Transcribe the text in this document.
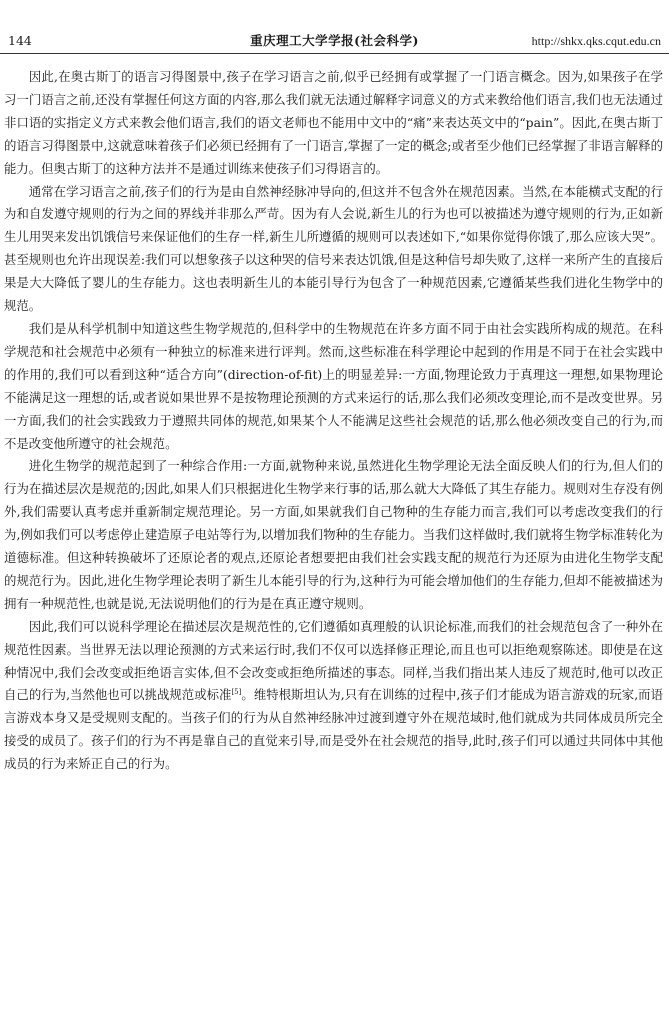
144	重庆理工大学学报(社会科学)	http://shkx.qks.cqut.edu.cn

因此,在奥古斯丁的语言习得图景中,孩子在学习语言之前,似乎已经拥有或掌握了一门语言概念。因为,如果孩子在学习一门语言之前,还没有掌握任何这方面的内容,那么我们就无法通过解释字词意义的方式来教给他们语言,我们也无法通过非口语的实指定义方式来教会他们语言,我们的语文老师也不能用中文中的“痛”来表达英文中的“pain”。因此,在奥古斯丁的语言习得图景中,这就意味着孩子们必须已经拥有了一门语言,掌握了一定的概念;或者至少他们已经掌握了非语言解释的能力。但奥古斯丁的这种方法并不是通过训练来使孩子们习得语言的。

通常在学习语言之前,孩子们的行为是由自然神经脉冲导向的,但这并不包含外在规范因素。当然,在本能横式支配的行为和自发遵守规则的行为之间的界线并非那么严苛。因为有人会说,新生儿的行为也可以被描述为遵守规则的行为,正如新生儿用哭来发出饥饿信号来保证他们的生存一样,新生儿所遵循的规则可以表述如下,“如果你觉得你饿了,那么应该大哭”。甚至规则也允许出现误差:我们可以想象孩子以这种哭的信号来表达饥饿,但是这种信号却失败了,这样一来所产生的直接后果是大大降低了婴儿的生存能力。这也表明新生儿的本能引导行为包含了一种规范因素,它遵循某些我们进化生物学中的规范。

我们是从科学机制中知道这些生物学规范的,但科学中的生物规范在许多方面不同于由社会实践所构成的规范。在科学规范和社会规范中必须有一种独立的标准来进行评判。然而,这些标准在科学理论中起到的作用是不同于在社会实践中的作用的,我们可以看到这种“适合方向”(direction-of-fit)上的明显差异:一方面,物理论致力于真理这一理想,如果物理论不能满足这一理想的话,或者说如果世界不是按物理论预测的方式来运行的话,那么我们必须改变理论,而不是改变世界。另一方面,我们的社会实践致力于遵照共同体的规范,如果某个人不能满足这些社会规范的话,那么他必须改变自己的行为,而不是改变他所遵守的社会规范。

进化生物学的规范起到了一种综合作用:一方面,就物种来说,虽然进化生物学理论无法全面反映人们的行为,但人们的行为在描述层次是规范的;因此,如果人们只根据进化生物学来行事的话,那么就大大降低了其生存能力。规则对生存没有例外,我们需要认真考虑并重新制定规范理论。另一方面,如果就我们自己物种的生存能力而言,我们可以考虑改变我们的行为,例如我们可以考虑停止建造原子电站等行为,以增加我们物种的生存能力。当我们这样做时,我们就将生物学标准转化为道德标准。但这种转换破坏了还原论者的观点,还原论者想要把由我们社会实践支配的规范行为还原为由进化生物学支配的规范行为。因此,进化生物学理论表明了新生儿本能引导的行为,这种行为可能会增加他们的生存能力,但却不能被描述为拥有一种规范性,也就是说,无法说明他们的行为是在真正遵守规则。

因此,我们可以说科学理论在描述层次是规范性的,它们遵循如真理般的认识论标准,而我们的社会规范包含了一种外在规范性因素。当世界无法以理论预测的方式来运行时,我们不仅可以选择修正理论,而且也可以拒绝观察陈述。即使是在这种情况中,我们会改变或拒绝语言实体,但不会改变或拒绝所描述的事态。同样,当我们指出某人违反了规范时,他可以改正自己的行为,当然他也可以挑战规范或标准[5]。维特根斯坦认为,只有在训练的过程中,孩子们才能成为语言游戏的玩家,而语言游戏本身又是受规则支配的。当孩子们的行为从自然神经脉冲过渡到遵守外在规范域时,他们就成为共同体成员所完全接受的成员了。孩子们的行为不再是靠自己的直觉来引导,而是受外在社会规范的指导,此时,孩子们可以通过共同体中其他成员的行为来矫正自己的行为。
